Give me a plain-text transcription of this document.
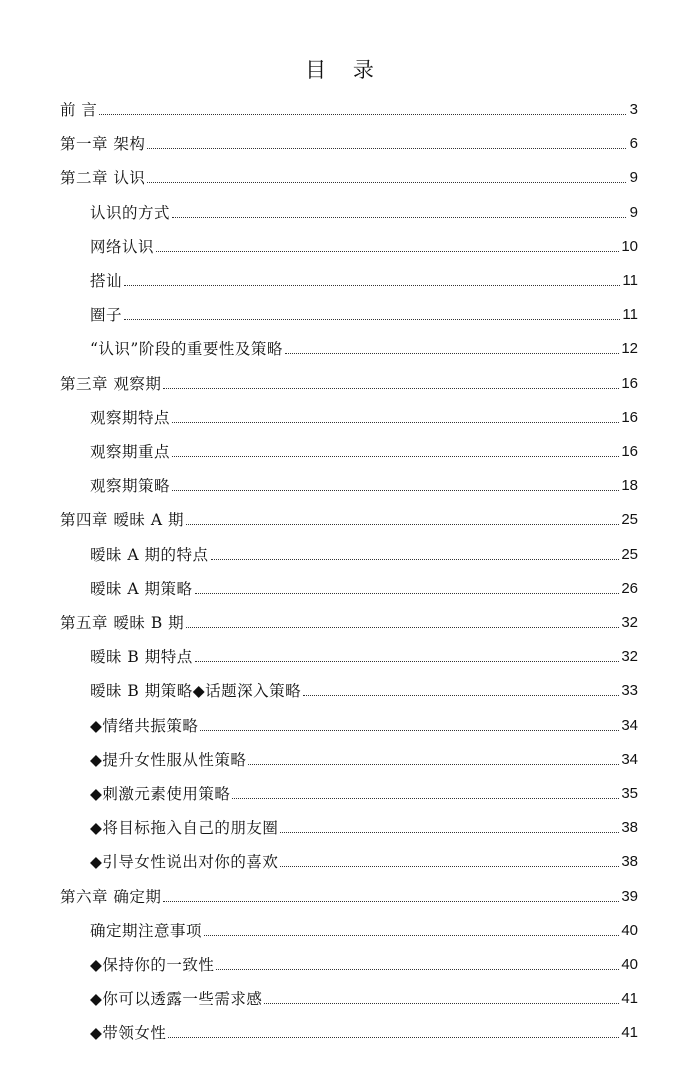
目 录
前 言	3
第一章 架构	6
第二章 认识	9
认识的方式	9
网络认识	10
搭讪	11
圈子	11
“认识”阶段的重要性及策略	12
第三章 观察期	16
观察期特点	16
观察期重点	16
观察期策略	18
第四章 暧昧 A 期	25
暧昧 A 期的特点	25
暧昧 A 期策略	26
第五章 暧昧 B 期	32
暧昧 B 期特点	32
暧昧 B 期策略◆话题深入策略	33
◆情绪共振策略	34
◆提升女性服从性策略	34
◆刺激元素使用策略	35
◆将目标拖入自己的朋友圈	38
◆引导女性说出对你的喜欢	38
第六章 确定期	39
确定期注意事项	40
◆保持你的一致性	40
◆你可以透露一些需求感	41
◆带领女性	41
